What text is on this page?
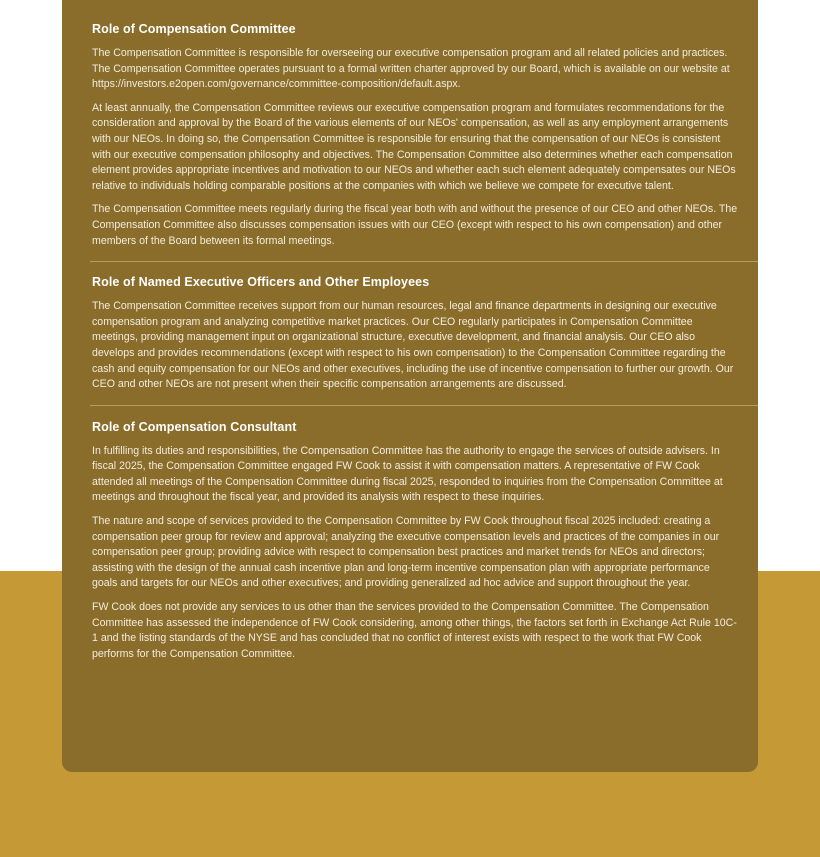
Role of Compensation Committee

The Compensation Committee is responsible for overseeing our executive compensation program and all related policies and practices. The Compensation Committee operates pursuant to a formal written charter approved by our Board, which is available on our website at https://investors.e2open.com/governance/committee-composition/default.aspx.

At least annually, the Compensation Committee reviews our executive compensation program and formulates recommendations for the consideration and approval by the Board of the various elements of our NEOs' compensation, as well as any employment arrangements with our NEOs. In doing so, the Compensation Committee is responsible for ensuring that the compensation of our NEOs is consistent with our executive compensation philosophy and objectives. The Compensation Committee also determines whether each compensation element provides appropriate incentives and motivation to our NEOs and whether each such element adequately compensates our NEOs relative to individuals holding comparable positions at the companies with which we believe we compete for executive talent.

The Compensation Committee meets regularly during the fiscal year both with and without the presence of our CEO and other NEOs. The Compensation Committee also discusses compensation issues with our CEO (except with respect to his own compensation) and other members of the Board between its formal meetings.

Role of Named Executive Officers and Other Employees

The Compensation Committee receives support from our human resources, legal and finance departments in designing our executive compensation program and analyzing competitive market practices. Our CEO regularly participates in Compensation Committee meetings, providing management input on organizational structure, executive development, and financial analysis. Our CEO also develops and provides recommendations (except with respect to his own compensation) to the Compensation Committee regarding the cash and equity compensation for our NEOs and other executives, including the use of incentive compensation to further our growth. Our CEO and other NEOs are not present when their specific compensation arrangements are discussed.

Role of Compensation Consultant

In fulfilling its duties and responsibilities, the Compensation Committee has the authority to engage the services of outside advisers. In fiscal 2025, the Compensation Committee engaged FW Cook to assist it with compensation matters. A representative of FW Cook attended all meetings of the Compensation Committee during fiscal 2025, responded to inquiries from the Compensation Committee at meetings and throughout the fiscal year, and provided its analysis with respect to these inquiries.

The nature and scope of services provided to the Compensation Committee by FW Cook throughout fiscal 2025 included: creating a compensation peer group for review and approval; analyzing the executive compensation levels and practices of the companies in our compensation peer group; providing advice with respect to compensation best practices and market trends for NEOs and directors; assisting with the design of the annual cash incentive plan and long-term incentive compensation plan with appropriate performance goals and targets for our NEOs and other executives; and providing generalized ad hoc advice and support throughout the year.

FW Cook does not provide any services to us other than the services provided to the Compensation Committee. The Compensation Committee has assessed the independence of FW Cook considering, among other things, the factors set forth in Exchange Act Rule 10C-1 and the listing standards of the NYSE and has concluded that no conflict of interest exists with respect to the work that FW Cook performs for the Compensation Committee.
